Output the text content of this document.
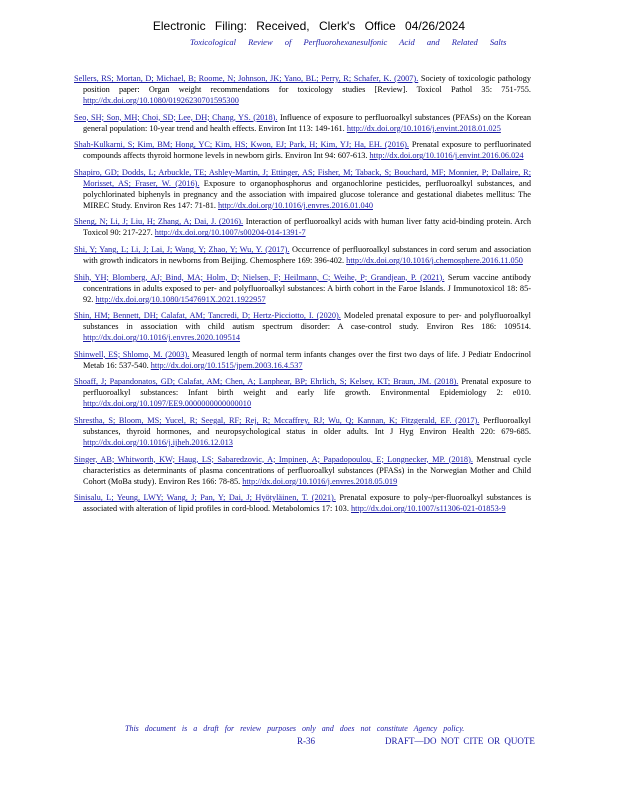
Electronic Filing: Received, Clerk's Office 04/26/2024
Toxicological Review of Perfluorohexanesulfonic Acid and Related Salts
Sellers, RS; Mortan, D; Michael, B; Roome, N; Johnson, JK; Yano, BL; Perry, R; Schafer, K. (2007). Society of toxicologic pathology position paper: Organ weight recommendations for toxicology studies [Review]. Toxicol Pathol 35: 751-755. http://dx.doi.org/10.1080/01926230701595300
Seo, SH; Son, MH; Choi, SD; Lee, DH; Chang, YS. (2018). Influence of exposure to perfluoroalkyl substances (PFASs) on the Korean general population: 10-year trend and health effects. Environ Int 113: 149-161. http://dx.doi.org/10.1016/j.envint.2018.01.025
Shah-Kulkarni, S; Kim, BM; Hong, YC; Kim, HS; Kwon, EJ; Park, H; Kim, YJ; Ha, EH. (2016). Prenatal exposure to perfluorinated compounds affects thyroid hormone levels in newborn girls. Environ Int 94: 607-613. http://dx.doi.org/10.1016/j.envint.2016.06.024
Shapiro, GD; Dodds, L; Arbuckle, TE; Ashley-Martin, J; Ettinger, AS; Fisher, M; Taback, S; Bouchard, MF; Monnier, P; Dallaire, R; Morisset, AS; Fraser, W. (2016). Exposure to organophosphorus and organochlorine pesticides, perfluoroalkyl substances, and polychlorinated biphenyls in pregnancy and the association with impaired glucose tolerance and gestational diabetes mellitus: The MIREC Study. Environ Res 147: 71-81. http://dx.doi.org/10.1016/j.envres.2016.01.040
Sheng, N; Li, J; Liu, H; Zhang, A; Dai, J. (2016). Interaction of perfluoroalkyl acids with human liver fatty acid-binding protein. Arch Toxicol 90: 217-227. http://dx.doi.org/10.1007/s00204-014-1391-7
Shi, Y; Yang, L; Li, J; Lai, J; Wang, Y; Zhao, Y; Wu, Y. (2017). Occurrence of perfluoroalkyl substances in cord serum and association with growth indicators in newborns from Beijing. Chemosphere 169: 396-402. http://dx.doi.org/10.1016/j.chemosphere.2016.11.050
Shih, YH; Blomberg, AJ; Bind, MA; Holm, D; Nielsen, F; Heilmann, C; Weihe, P; Grandjean, P. (2021). Serum vaccine antibody concentrations in adults exposed to per- and polyfluoroalkyl substances: A birth cohort in the Faroe Islands. J Immunotoxicol 18: 85-92. http://dx.doi.org/10.1080/1547691X.2021.1922957
Shin, HM; Bennett, DH; Calafat, AM; Tancredi, D; Hertz-Picciotto, I. (2020). Modeled prenatal exposure to per- and polyfluoroalkyl substances in association with child autism spectrum disorder: A case-control study. Environ Res 186: 109514. http://dx.doi.org/10.1016/j.envres.2020.109514
Shinwell, ES; Shlomo, M. (2003). Measured length of normal term infants changes over the first two days of life. J Pediatr Endocrinol Metab 16: 537-540. http://dx.doi.org/10.1515/jpem.2003.16.4.537
Shoaff, J; Papandonatos, GD; Calafat, AM; Chen, A; Lanphear, BP; Ehrlich, S; Kelsey, KT; Braun, JM. (2018). Prenatal exposure to perfluoroalkyl substances: Infant birth weight and early life growth. Environmental Epidemiology 2: e010. http://dx.doi.org/10.1097/EE9.0000000000000010
Shrestha, S; Bloom, MS; Yucel, R; Seegal, RF; Rej, R; Mccaffrey, RJ; Wu, Q; Kannan, K; Fitzgerald, EF. (2017). Perfluoroalkyl substances, thyroid hormones, and neuropsychological status in older adults. Int J Hyg Environ Health 220: 679-685. http://dx.doi.org/10.1016/j.ijheh.2016.12.013
Singer, AB; Whitworth, KW; Haug, LS; Sabaredzovic, A; Impinen, A; Papadopoulou, E; Longnecker, MP. (2018). Menstrual cycle characteristics as determinants of plasma concentrations of perfluoroalkyl substances (PFASs) in the Norwegian Mother and Child Cohort (MoBa study). Environ Res 166: 78-85. http://dx.doi.org/10.1016/j.envres.2018.05.019
Sinisalu, L; Yeung, LWY; Wang, J; Pan, Y; Dai, J; Hyötyläinen, T. (2021). Prenatal exposure to poly-/per-fluoroalkyl substances is associated with alteration of lipid profiles in cord-blood. Metabolomics 17: 103. http://dx.doi.org/10.1007/s11306-021-01853-9
This document is a draft for review purposes only and does not constitute Agency policy.
R-36	DRAFT—DO NOT CITE OR QUOTE
